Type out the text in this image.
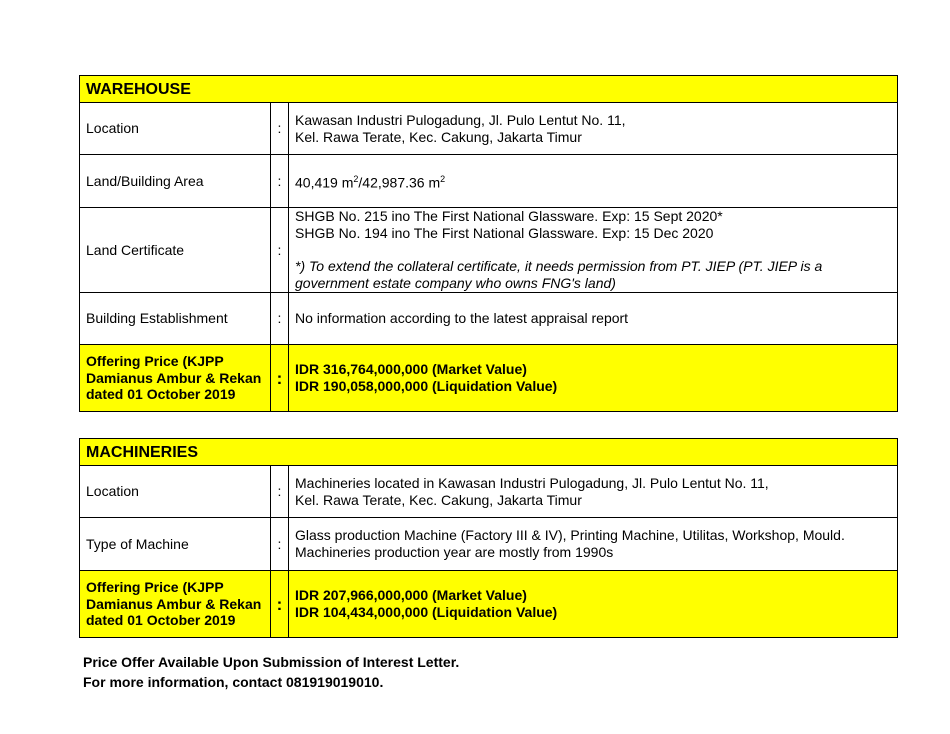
WAREHOUSE		
Location	:	Kawasan Industri Pulogadung, Jl. Pulo Lentut No. 11,
Kel. Rawa Terate, Kec. Cakung, Jakarta Timur

Land/Building Area	:	40,419 $m^2/42,987.36$ $m^2$
Land Certificate	:	SHGB No. 215 ino The First National Glassware. Exp: 15 Sept 2020*
SHGB No. 194 ino The First National Glassware. Exp: 15 Dec 2020
*) To extend the collateral certificate, it needs permission from PT. JIEP (PT. JIEP is a government estate company who owns FNG's land)

Building Establishment	:	No information according to the latest appraisal report
Offering Price (KJPP Damianus Ambur & Rekan dated 01 October 2019	:	IDR 316,764,000,000 (Market Value)
IDR 190,058,000,000 (Liquidation Value)
MACHINERIES		
Location	:	Machineries located in Kawasan Industri Pulogadung, Jl. Pulo Lentut No. 11,
Kel. Rawa Terate, Kec. Cakung, Jakarta Timur

Type of Machine	:	Glass production Machine (Factory III & IV), Printing Machine, Utilitas, Workshop, Mould.
Machineries production year are mostly from 1990s

Offering Price (KJPP Damianus Ambur & Rekan dated 01 October 2019	:	IDR 207,966,000,000 (Market Value)
IDR 104,434,000,000 (Liquidation Value)
Price Offer Available Upon Submission of Interest Letter.
For more information, contact 081919019010.
